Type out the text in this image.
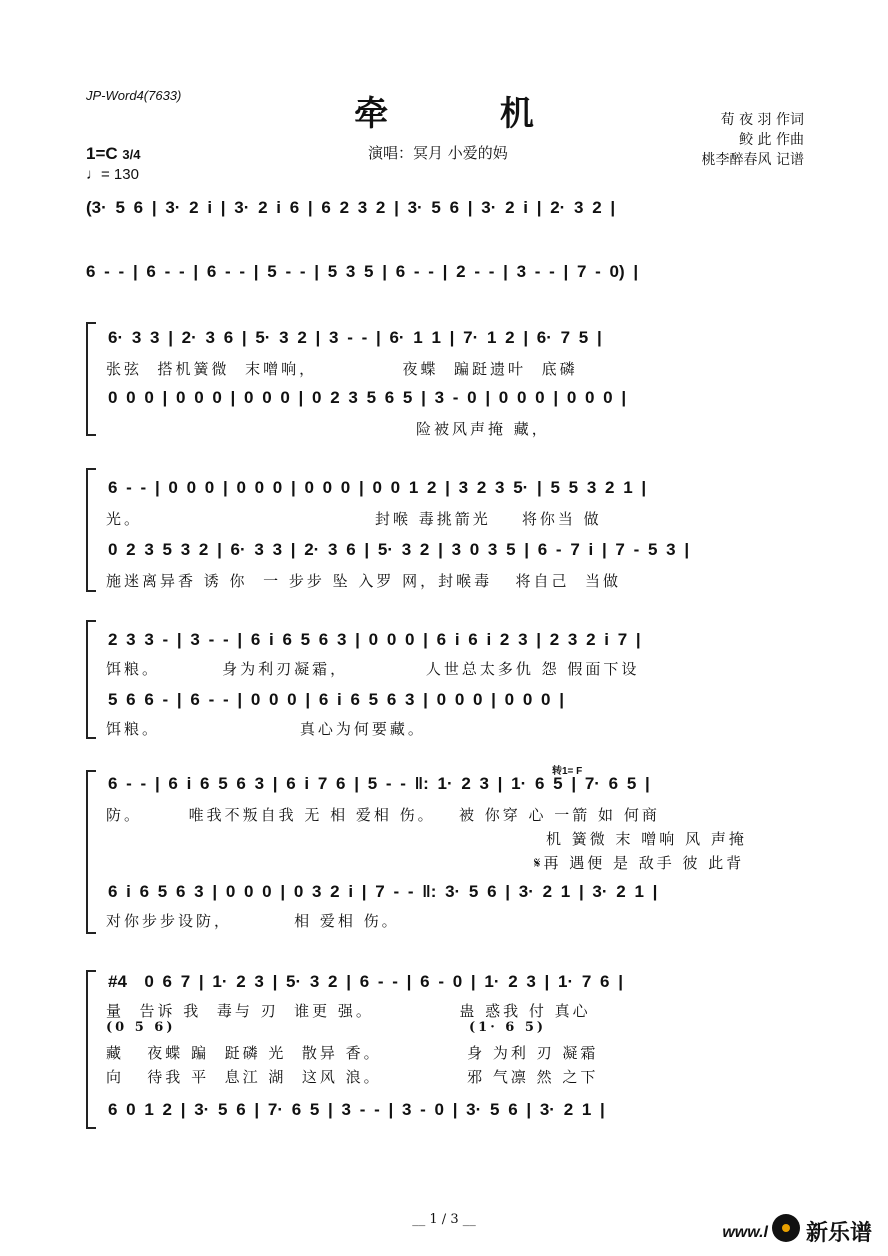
JP-Word4(7633)	牵 机
演唱：冥月 小爱的妈
荀 夜 羽 作词
鲛 此 作曲
桃李醉春风 记谱
1=C 3/4
♩= 130
(3· 5 6 | 3· 2 i | 3· 2 i 6 | 6 2 3 2 | 3· 5 6 | 3· 2 i | 2· 3 2 |
6 - - | 6 - - | 6 - - | 5 - - | 5 3 5 | 6 - - | 2 - - | 3 - - | 7 - 0) |
6· 3 3 | 2· 3 6 | 5· 3 2 | 3 - - | 6· 1 1 | 7· 1 2 | 6· 7 5 |
张弦  搭机簧微  末噌响，           夜蝶  蹁跹遗叶  底磷
0 0 0 | 0 0 0 | 0 0 0 | 0 2 3 5 6 5 | 3 - 0 | 0 0 0 | 0 0 0 |
险被风声掩 藏，
6 - - | 0 0 0 | 0 0 0 | 0 0 0 | 0 0 1 2 | 3 2 3 5· | 5 5 3 2 1 |
光。                              封喉 毒挑箭光    将你当 做
0 2 3 5 3 2 | 6· 3 3 | 2· 3 6 | 5· 3 2 | 3 0 3 5 | 6 - 7 i | 7 - 5 3 |
施迷离异香 诱 你  一 步步 坠 入罗 网，封喉毒   将自己  当做
2 3 3 - | 3 - - | 6 i 6 5 6 3 | 0 0 0 | 6 i 6 i 2 3 | 2 3 2 i 7 |
饵粮。        身为利刃凝霜，          人世总太多仇 怨 假面下设
5 6 6 - | 6 - - | 0 0 0 | 6 i 6 5 6 3 | 0 0 0 | 0 0 0 |
饵粮。                  真心为何要藏。
转1= F
6 - - | 6 i 6 5 6 3 | 6 i 7 6 | 5 - - ‖: 1· 2 3 | 1· 6 5 | 7· 6 5 |
防。      唯我不叛自我 无 相 爱相 伤。   被 你穿 心 一箭 如 何商
机 簧微 末 噌响 风 声掩
𝄋再 遇便 是 敌手 彼 此背
6 i 6 5 6 3 | 0 0 0 | 0 3 2 i | 7 - - ‖: 3· 5 6 | 3· 2 1 | 3· 2 1 |
对你步步设防，        相 爱相 伤。
#4  0 6 7 | 1· 2 3 | 5· 3 2 | 6 - - | 6 - 0 | 1· 2 3 | 1· 7 6 |
量  告诉 我  毒与 刃  谁更 强。           蛊 惑我 付 真心
(0 5 6)                                       (1· 6 5)
藏   夜蝶 蹁  跹磷 光  散异 香。           身 为利 刃 凝霜
向   待我 平  息江 湖  这风 浪。           邪 气凛 然 之下
6 0 1 2 | 3· 5 6 | 7· 6 5 | 3 - - | 3 - 0 | 3· 5 6 | 3· 2 1 |
__ 1 / 3 __
www.l 新乐谱
